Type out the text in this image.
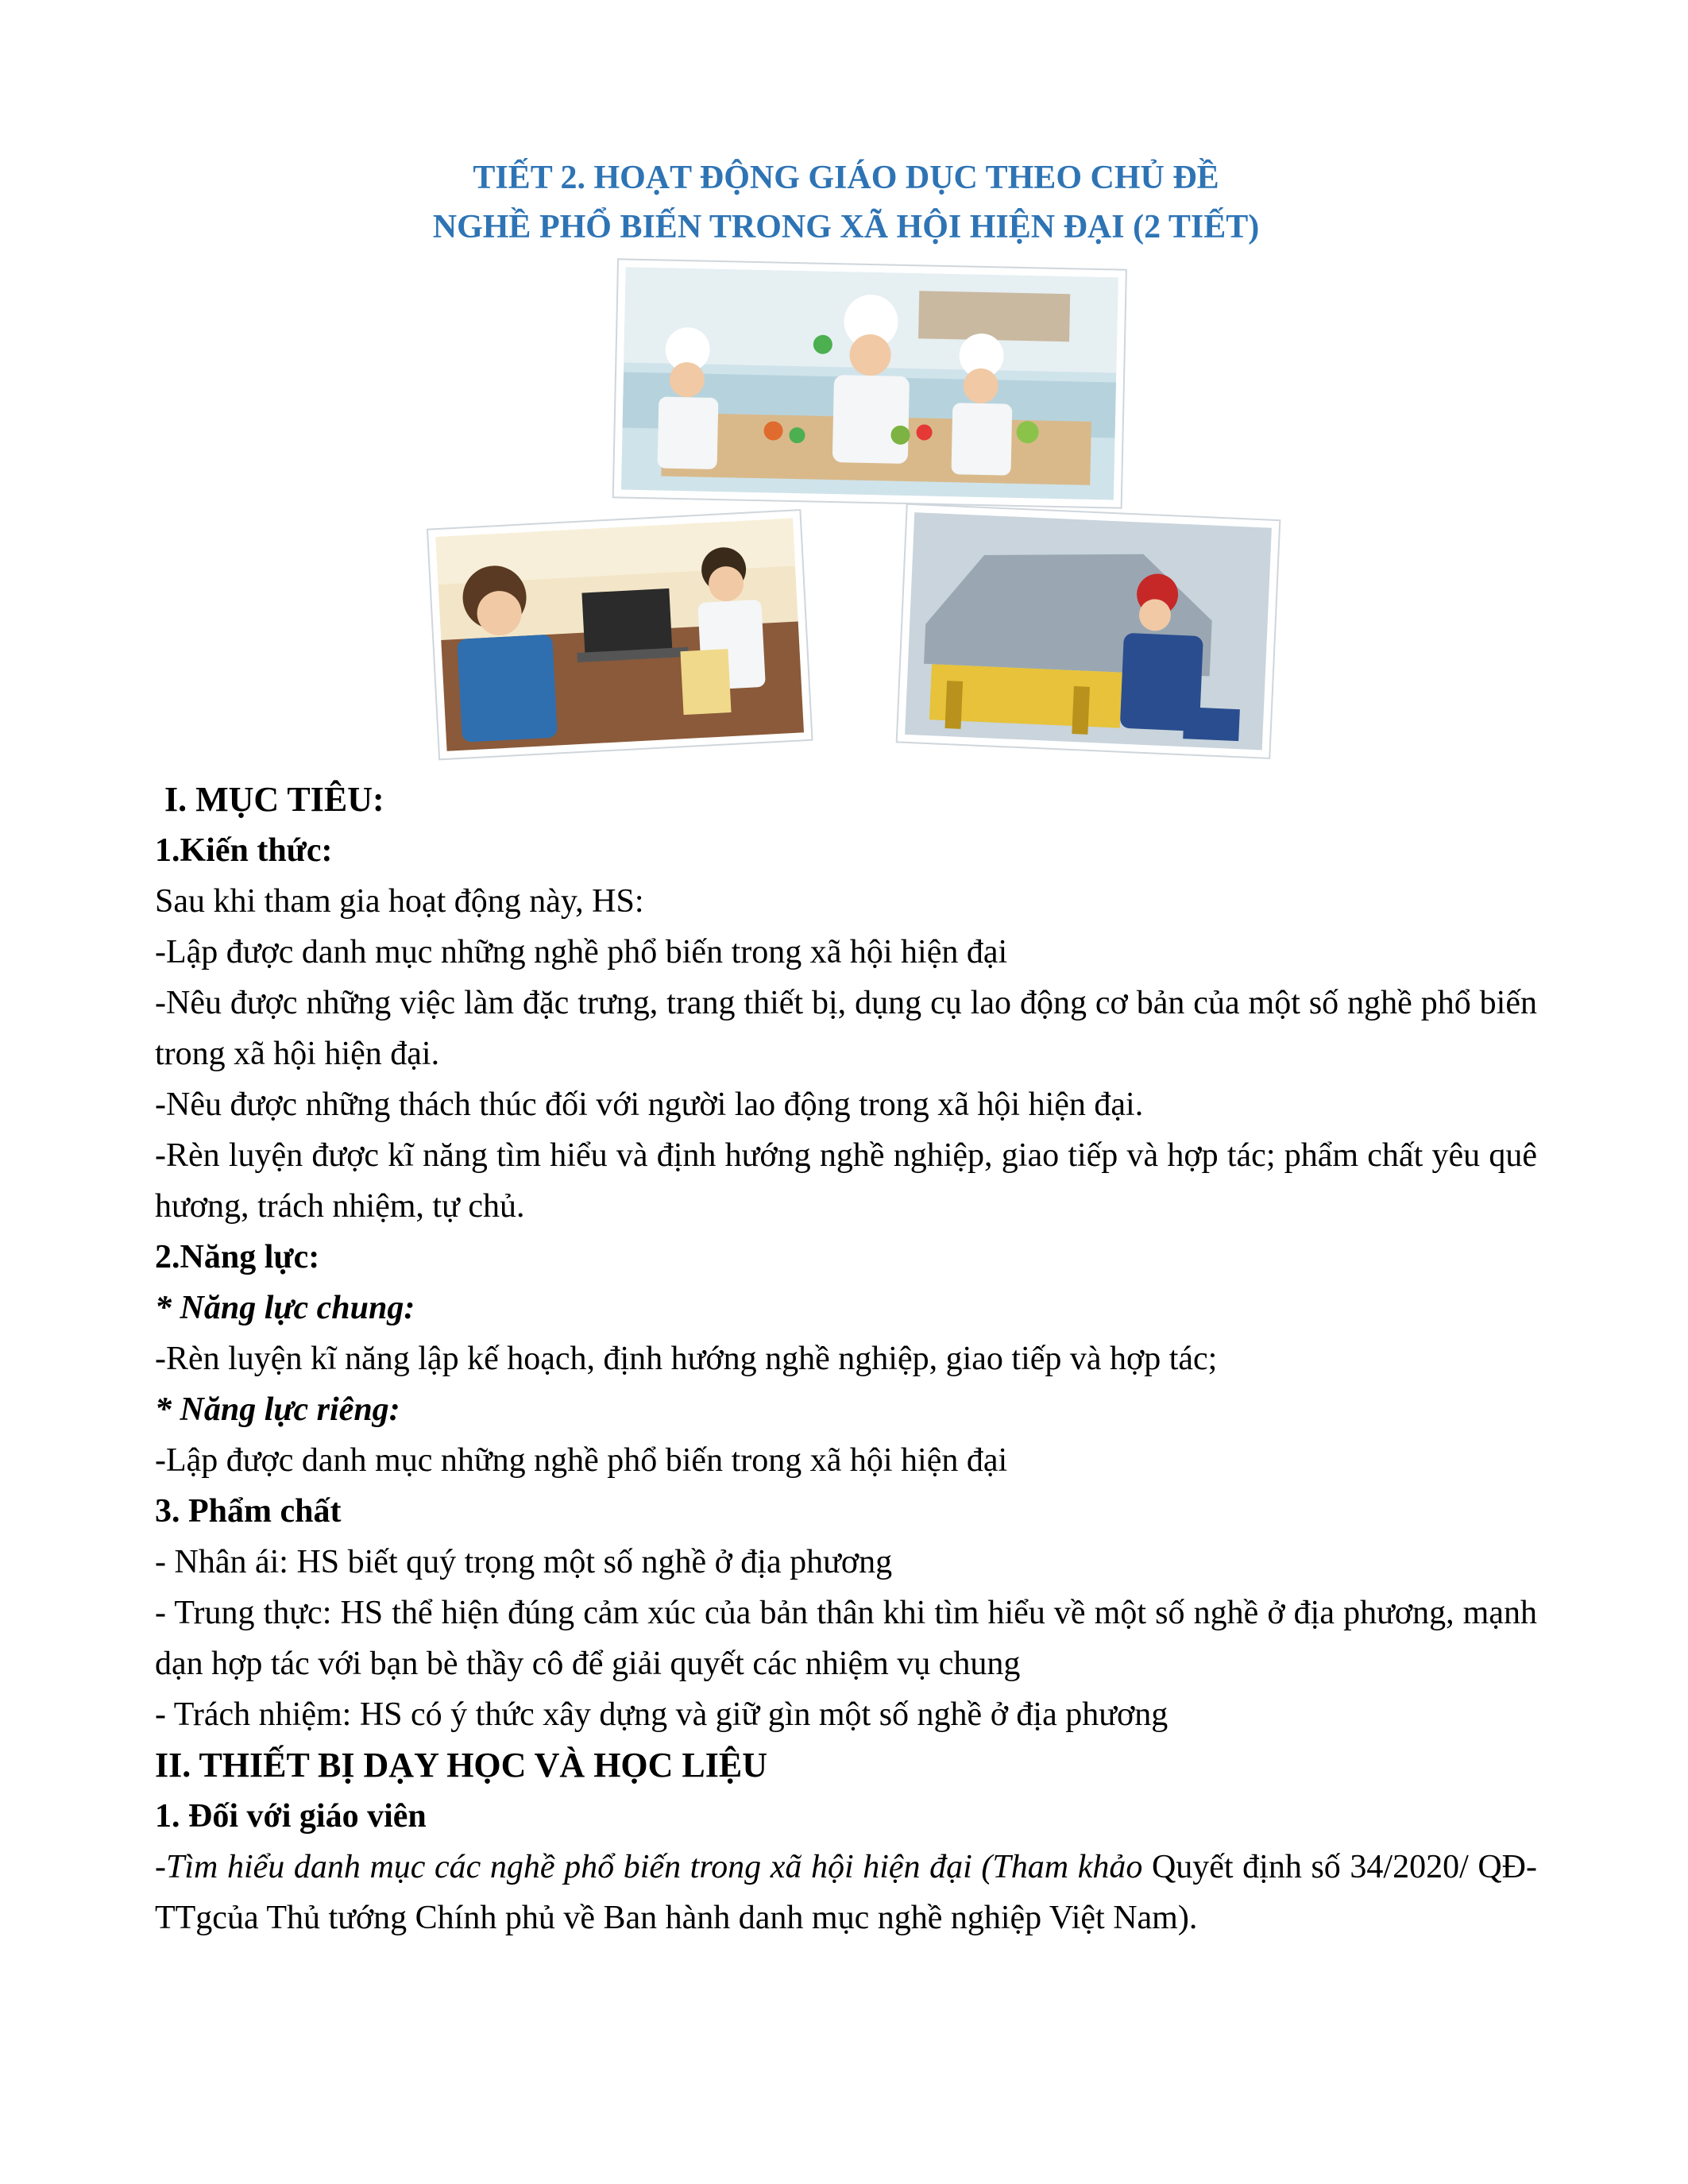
TIẾT 2. HOẠT ĐỘNG GIÁO DỤC THEO CHỦ ĐỀ
NGHỀ PHỔ BIẾN TRONG XÃ HỘI HIỆN ĐẠI (2 TIẾT)

I. MỤC TIÊU:

1.Kiến thức:

Sau khi tham gia hoạt động này, HS:

-Lập được danh mục những nghề phổ biến trong xã hội hiện đại

-Nêu được những việc làm đặc trưng, trang thiết bị, dụng cụ lao động cơ bản của một số nghề phổ biến trong xã hội hiện đại.

-Nêu được những thách thúc đối với người lao động trong xã hội hiện đại.

-Rèn luyện được kĩ năng tìm hiểu và định hướng nghề nghiệp, giao tiếp và hợp tác; phẩm chất yêu quê hương, trách nhiệm, tự chủ.

2.Năng lực:

* Năng lực chung:

-Rèn luyện kĩ năng lập kế hoạch, định hướng nghề nghiệp, giao tiếp và hợp tác;

* Năng lực riêng:

-Lập được danh mục những nghề phổ biến trong xã hội hiện đại

3. Phẩm chất

- Nhân ái: HS biết quý trọng một số nghề ở địa phương

- Trung thực: HS thể hiện đúng cảm xúc của bản thân khi tìm hiểu về một số nghề ở địa phương, mạnh dạn hợp tác với bạn bè thầy cô để giải quyết các nhiệm vụ chung

- Trách nhiệm: HS có ý thức xây dựng và giữ gìn một số nghề ở địa phương

II. THIẾT BỊ DẠY HỌC VÀ HỌC LIỆU

1. Đối với giáo viên

-Tìm hiểu danh mục các nghề phổ biến trong xã hội hiện đại (Tham khảo Quyết định số 34/2020/ QĐ-TTgcủa Thủ tướng Chính phủ về Ban hành danh mục nghề nghiệp Việt Nam).
